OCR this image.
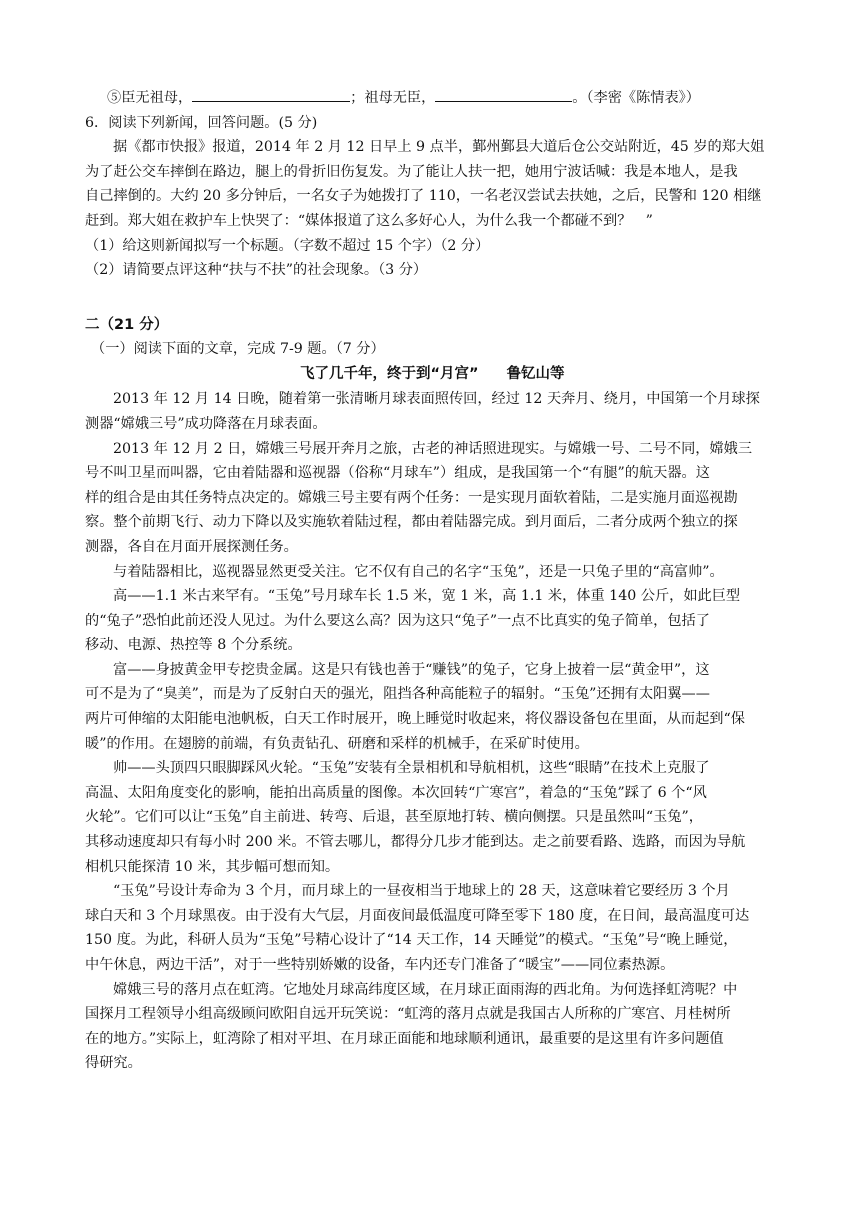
⑤臣无祖母，	；祖母无臣，	。（李密《陈情表》）
6．阅读下列新闻，回答问题。(5 分)
据《都市快报》报道，2014 年 2 月 12 日早上 9 点半，鄞州鄞县大道后仓公交站附近，45 岁的郑大姐
为了赶公交车摔倒在路边，腿上的骨折旧伤复发。为了能让人扶一把，她用宁波话喊：我是本地人，是我
自己摔倒的。大约 20 多分钟后，一名女子为她拨打了 110，一名老汉尝试去扶她，之后，民警和 120 相继
赶到。郑大姐在救护车上快哭了：“媒体报道了这么多好心人，为什么我一个都碰不到？　”
（1）给这则新闻拟写一个标题。（字数不超过 15 个字）（2 分）
（2）请简要点评这种“扶与不扶”的社会现象。（3 分）
二（21 分）
（一）阅读下面的文章，完成 7-9 题。（7 分）
飞了几千年，终于到“月宫” 鲁钇山等
2013 年 12 月 14 日晚，随着第一张清晰月球表面照传回，经过 12 天奔月、绕月，中国第一个月球探
测器“嫦娥三号”成功降落在月球表面。
2013 年 12 月 2 日，嫦娥三号展开奔月之旅，古老的神话照进现实。与嫦娥一号、二号不同，嫦娥三
号不叫卫星而叫器，它由着陆器和巡视器（俗称“月球车”）组成，是我国第一个“有腿”的航天器。这
样的组合是由其任务特点决定的。嫦娥三号主要有两个任务：一是实现月面软着陆，二是实施月面巡视勘
察。整个前期飞行、动力下降以及实施软着陆过程，都由着陆器完成。到月面后，二者分成两个独立的探
测器，各自在月面开展探测任务。
与着陆器相比，巡视器显然更受关注。它不仅有自己的名字“玉兔”，还是一只兔子里的“高富帅”。
高——1.1 米古来罕有。“玉兔”号月球车长 1.5 米，宽 1 米，高 1.1 米，体重 140 公斤，如此巨型
的“兔子”恐怕此前还没人见过。为什么要这么高？因为这只“兔子”一点不比真实的兔子简单，包括了
移动、电源、热控等 8 个分系统。
富——身披黄金甲专挖贵金属。这是只有钱也善于“赚钱”的兔子，它身上披着一层“黄金甲”，这
可不是为了“臭美”，而是为了反射白天的强光，阻挡各种高能粒子的辐射。“玉兔”还拥有太阳翼——
两片可伸缩的太阳能电池帆板，白天工作时展开，晚上睡觉时收起来，将仪器设备包在里面，从而起到“保
暖”的作用。在翅膀的前端，有负责钻孔、研磨和采样的机械手，在采矿时使用。
帅——头顶四只眼脚踩风火轮。“玉兔”安装有全景相机和导航相机，这些“眼睛”在技术上克服了
高温、太阳角度变化的影响，能拍出高质量的图像。本次回转“广寒宫”，着急的“玉兔”踩了 6 个“风
火轮”。它们可以让“玉兔”自主前进、转弯、后退，甚至原地打转、横向侧摆。只是虽然叫“玉兔”，
其移动速度却只有每小时 200 米。不管去哪儿，都得分几步才能到达。走之前要看路、选路，而因为导航
相机只能探清 10 米，其步幅可想而知。
“玉兔”号设计寿命为 3 个月，而月球上的一昼夜相当于地球上的 28 天，这意味着它要经历 3 个月
球白天和 3 个月球黑夜。由于没有大气层，月面夜间最低温度可降至零下 180 度，在日间，最高温度可达
150 度。为此，科研人员为“玉兔”号精心设计了“14 天工作，14 天睡觉”的模式。“玉兔”号“晚上睡觉，
中午休息，两边干活”，对于一些特别娇嫩的设备，车内还专门准备了“暖宝”——同位素热源。
嫦娥三号的落月点在虹湾。它地处月球高纬度区域，在月球正面雨海的西北角。为何选择虹湾呢？中
国探月工程领导小组高级顾问欧阳自远开玩笑说：“虹湾的落月点就是我国古人所称的广寒宫、月桂树所
在的地方。”实际上，虹湾除了相对平坦、在月球正面能和地球顺利通讯，最重要的是这里有许多问题值
得研究。
